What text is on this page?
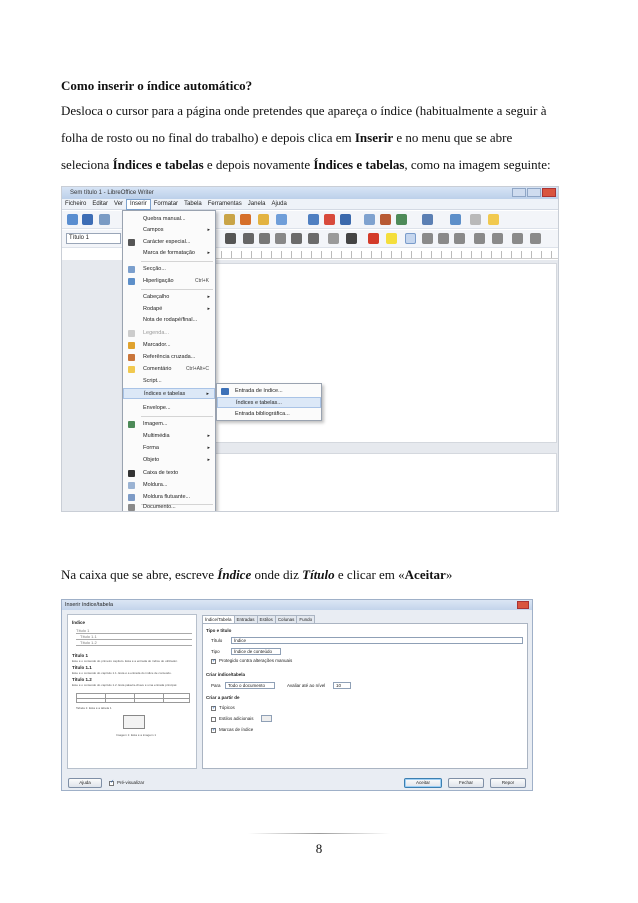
Como inserir o índice automático?
Desloca o cursor para a página onde pretendes que apareça o índice (habitualmente a seguir à
folha de rosto ou no final do trabalho) e depois clica em Inserir e no menu que se abre
seleciona Índices e tabelas e depois novamente Índices e tabelas, como na imagem seguinte:
Sem título 1 - LibreOffice Writer
Ficheiro Editar Ver Inserir Formatar Tabela Ferramentas Janela Ajuda
Título 1
Quebra manual...
Campos	▸
Carácter especial...
Marca de formatação	▸
Secção...
Hiperligação	Ctrl+K
Cabeçalho	▸
Rodapé	▸
Nota de rodapé/final...
Legenda...
Marcador...
Referência cruzada...
Comentário	Ctrl+Alt+C
Script...
Índices e tabelas	▸
Envelope...
Imagem...
Multimédia	▸
Forma	▸
Objeto	▸
Caixa de texto
Moldura...
Moldura flutuante...
Documento...
Entrada de índice...
Índices e tabelas...
Entrada bibliográfica...
Na caixa que se abre, escreve Índice onde diz Título e clicar em «Aceitar»
Inserir índice/tabela
Índice
Título 1
Título 1.1
Título 1.2
Título 1
Este é o conteúdo do primeiro capítulo. Esta é a entrada do índice do utilizador.
Título 1.1
Este é o conteúdo do capítulo 1.1. Esta é a entrada do índice de conteúdo.
Título 1.2
Este é o conteúdo do capítulo 1.2. Esta palavra-chave é uma entrada principal.
Tabela 1: Esta é a tabela 1
Imagem 1: Esta é a imagem 1
Índice/Tabela Entradas Estilos Colunas Fundo
Tipo e título
Título	Índice
Tipo	Índice de conteúdo
✓
Protegido contra alterações manuais
Criar índice/tabela
Para	Todo o documento	Avaliar até ao nível	10
Criar a partir de
✓
Tópicos
Estilos adicionais
✓
Marcas de índice
Ajuda	✓ Pré-visualizar	Aceitar	Fechar	Repor
8
